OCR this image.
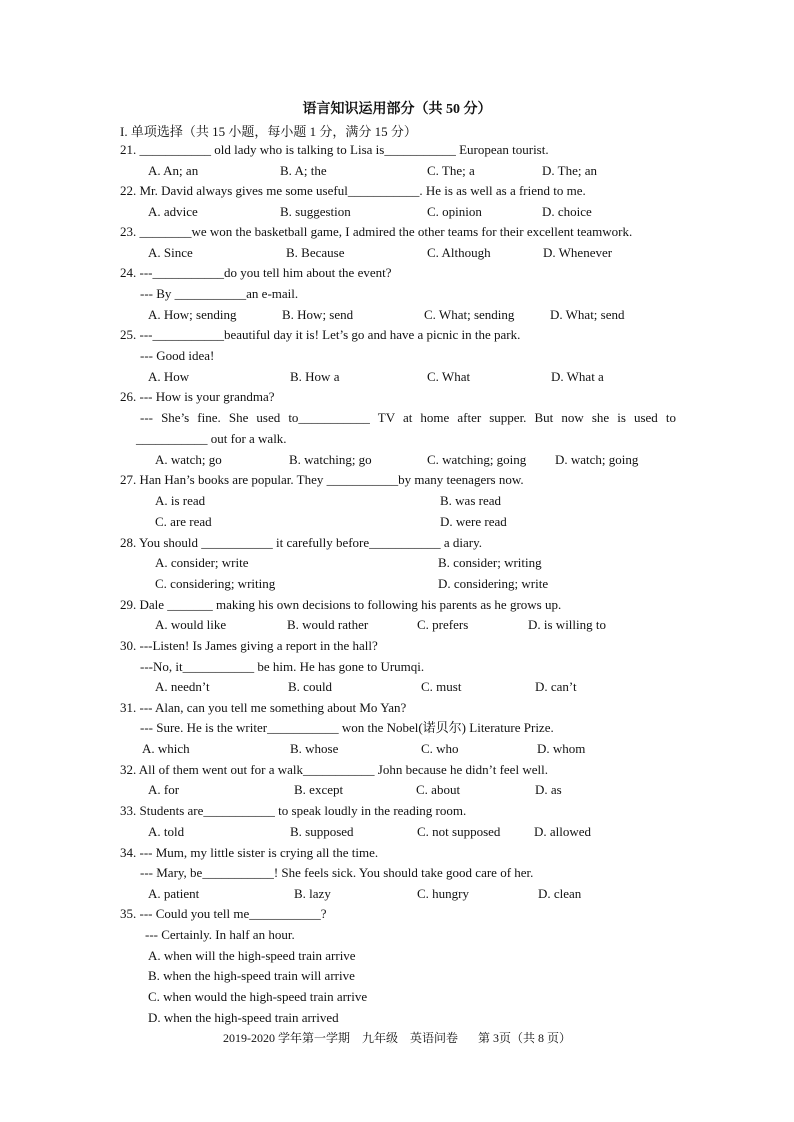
语言知识运用部分（共 50 分）
I. 单项选择（共 15 小题，每小题 1 分，满分 15 分）
21. ___________ old lady who is talking to Lisa is___________ European tourist.
A. An; an	B. A; the	C. The; a	D. The; an
22. Mr. David always gives me some useful___________. He is as well as a friend to me.
A. advice	B. suggestion	C. opinion	D. choice
23. ________we won the basketball game, I admired the other teams for their excellent teamwork.
A. Since	B. Because	C. Although	D. Whenever
24. ---___________do you tell him about the event?
--- By ___________an e-mail.
A. How; sending	B. How; send	C. What; sending	D. What; send
25. ---___________beautiful day it is! Let’s go and have a picnic in the park.
--- Good idea!
A. How	B. How a	C. What	D. What a
26. --- How is your grandma?
--- She’s fine. She used to___________ TV at home after supper. But now she is used to
___________ out for a walk.
A. watch; go	B. watching; go	C. watching; going D. watch; going
27. Han Han’s books are popular. They ___________by many teenagers now.
A. is read	B. was read
C. are read	D. were read
28. You should ___________ it carefully before___________ a diary.
A. consider; write	B. consider; writing
C. considering; writing	D. considering; write
29. Dale _______ making his own decisions to following his parents as he grows up.
A. would like	B. would rather	C. prefers	D. is willing to
30. ---Listen! Is James giving a report in the hall?
---No, it___________ be him. He has gone to Urumqi.
A. needn’t	B. could	C. must	D. can’t
31. --- Alan, can you tell me something about Mo Yan?
--- Sure. He is the writer___________ won the Nobel(诺贝尔) Literature Prize.
A. which	B. whose	C. who	D. whom
32. All of them went out for a walk___________ John because he didn’t feel well.
A. for	B. except	C. about	D. as
33. Students are___________ to speak loudly in the reading room.
A. told	B. supposed	C. not supposed	D. allowed
34. --- Mum, my little sister is crying all the time.
--- Mary, be___________! She feels sick. You should take good care of her.
A. patient	B. lazy	C. hungry	D. clean
35. --- Could you tell me___________?
--- Certainly. In half an hour.
A. when will the high-speed train arrive
B. when the high-speed train will arrive
C. when would the high-speed train arrive
D. when the high-speed train arrived
2019-2020 学年第一学期 九年级 英语问卷 第 3页（共 8 页）
